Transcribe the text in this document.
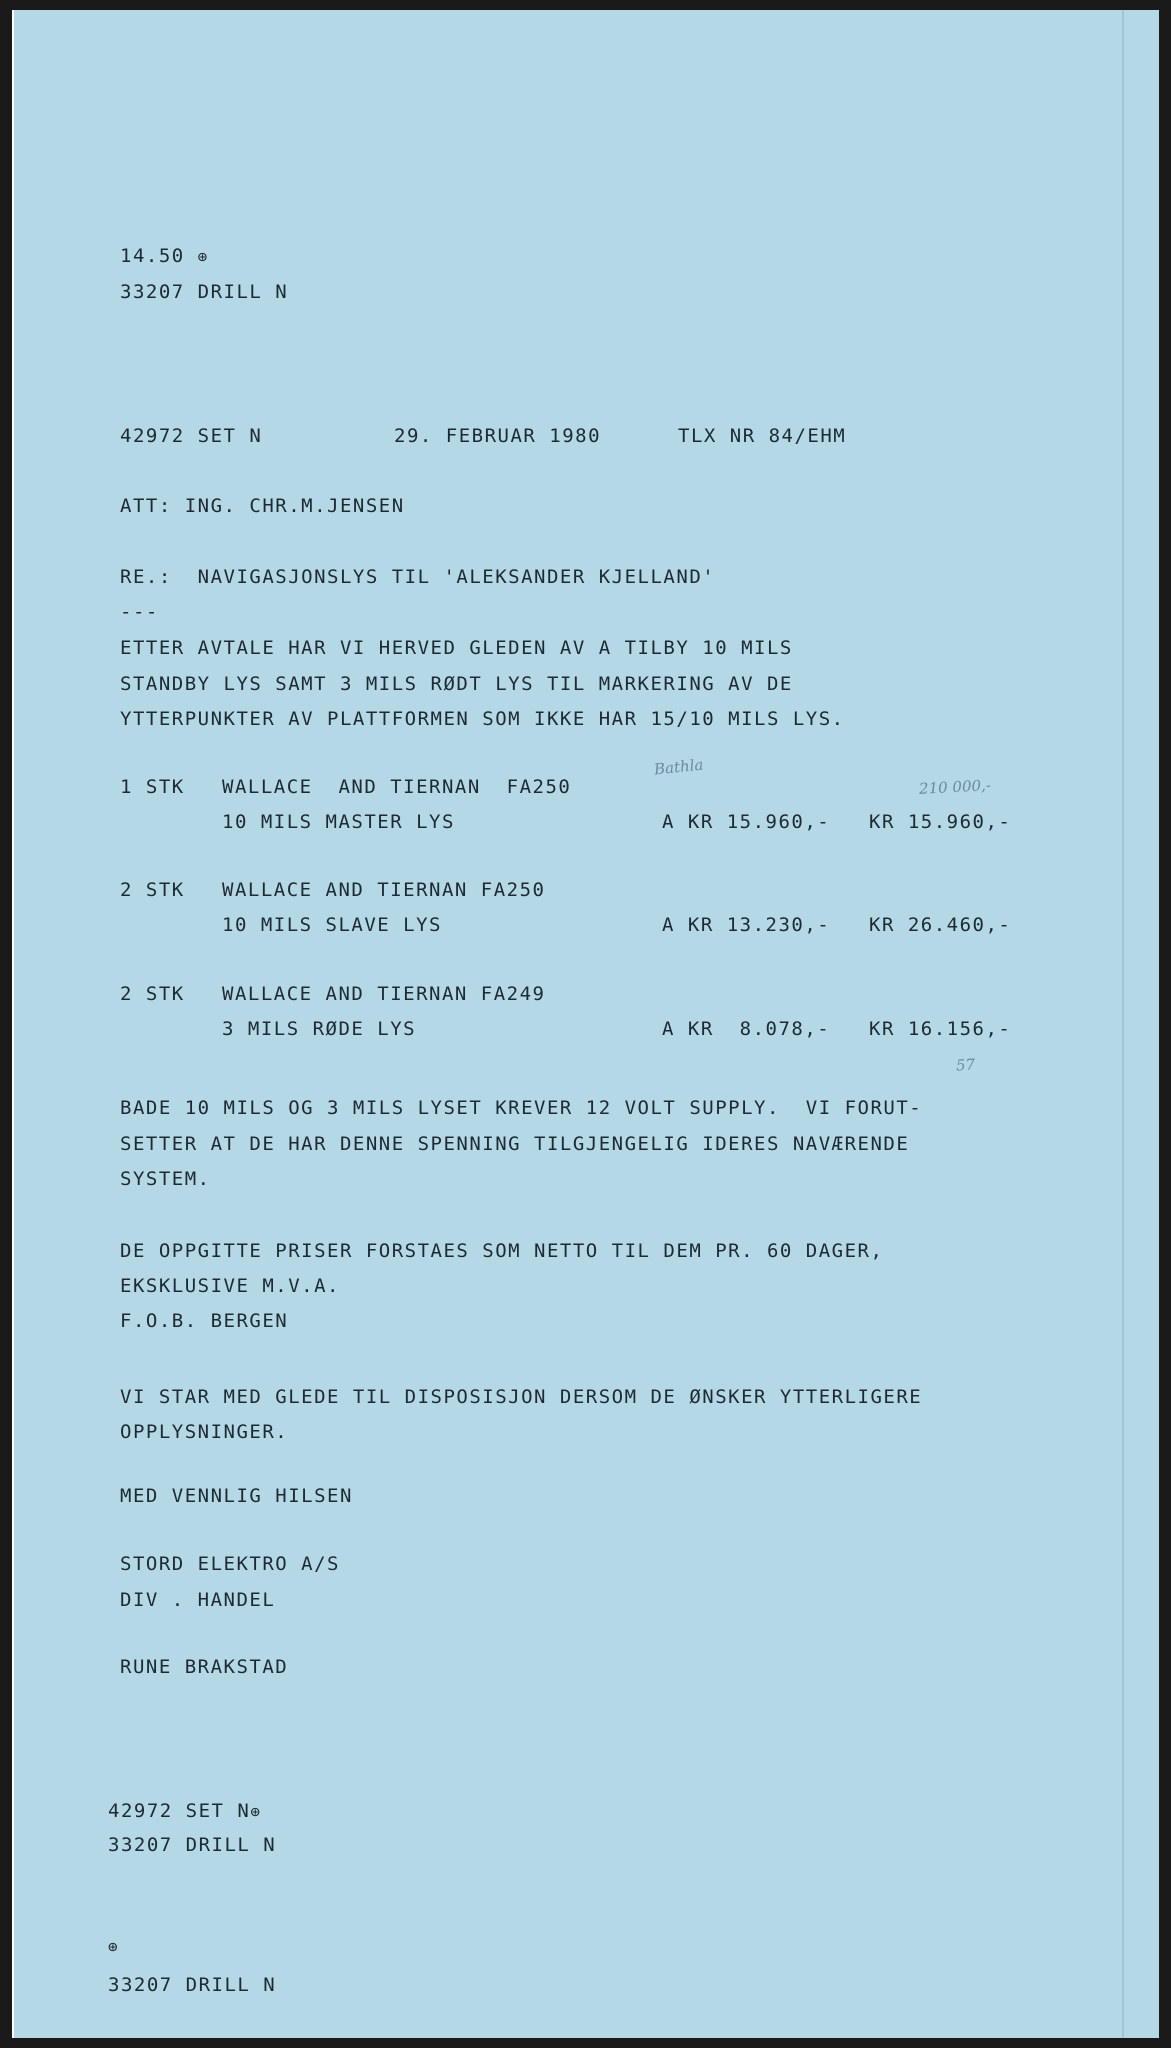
14.50 ⊕
33207 DRILL N
42972 SET N	29. FEBRUAR 1980	TLX NR 84/EHM
ATT: ING. CHR.M.JENSEN
RE.:  NAVIGASJONSLYS TIL 'ALEKSANDER KJELLAND'
---
ETTER AVTALE HAR VI HERVED GLEDEN AV A TILBY 10 MILS
STANDBY LYS SAMT 3 MILS RØDT LYS TIL MARKERING AV DE
YTTERPUNKTER AV PLATTFORMEN SOM IKKE HAR 15/10 MILS LYS.
1 STK WALLACE  AND TIERNAN  FA250
10 MILS MASTER LYS	A KR 15.960,- KR 15.960,-
2 STK WALLACE AND TIERNAN FA250
10 MILS SLAVE LYS	A KR 13.230,- KR 26.460,-
2 STK WALLACE AND TIERNAN FA249
3 MILS RØDE LYS	A KR  8.078,- KR 16.156,-
BADE 10 MILS OG 3 MILS LYSET KREVER 12 VOLT SUPPLY.  VI FORUT-
SETTER AT DE HAR DENNE SPENNING TILGJENGELIG IDERES NAVÆRENDE
SYSTEM.
DE OPPGITTE PRISER FORSTAES SOM NETTO TIL DEM PR. 60 DAGER,
EKSKLUSIVE M.V.A.
F.O.B. BERGEN
VI STAR MED GLEDE TIL DISPOSISJON DERSOM DE ØNSKER YTTERLIGERE
OPPLYSNINGER.
MED VENNLIG HILSEN
STORD ELEKTRO A/S
DIV . HANDEL
RUNE BRAKSTAD
42972 SET N⊕
33207 DRILL N
⊕
33207 DRILL N
Bathla
210 000,-
57
